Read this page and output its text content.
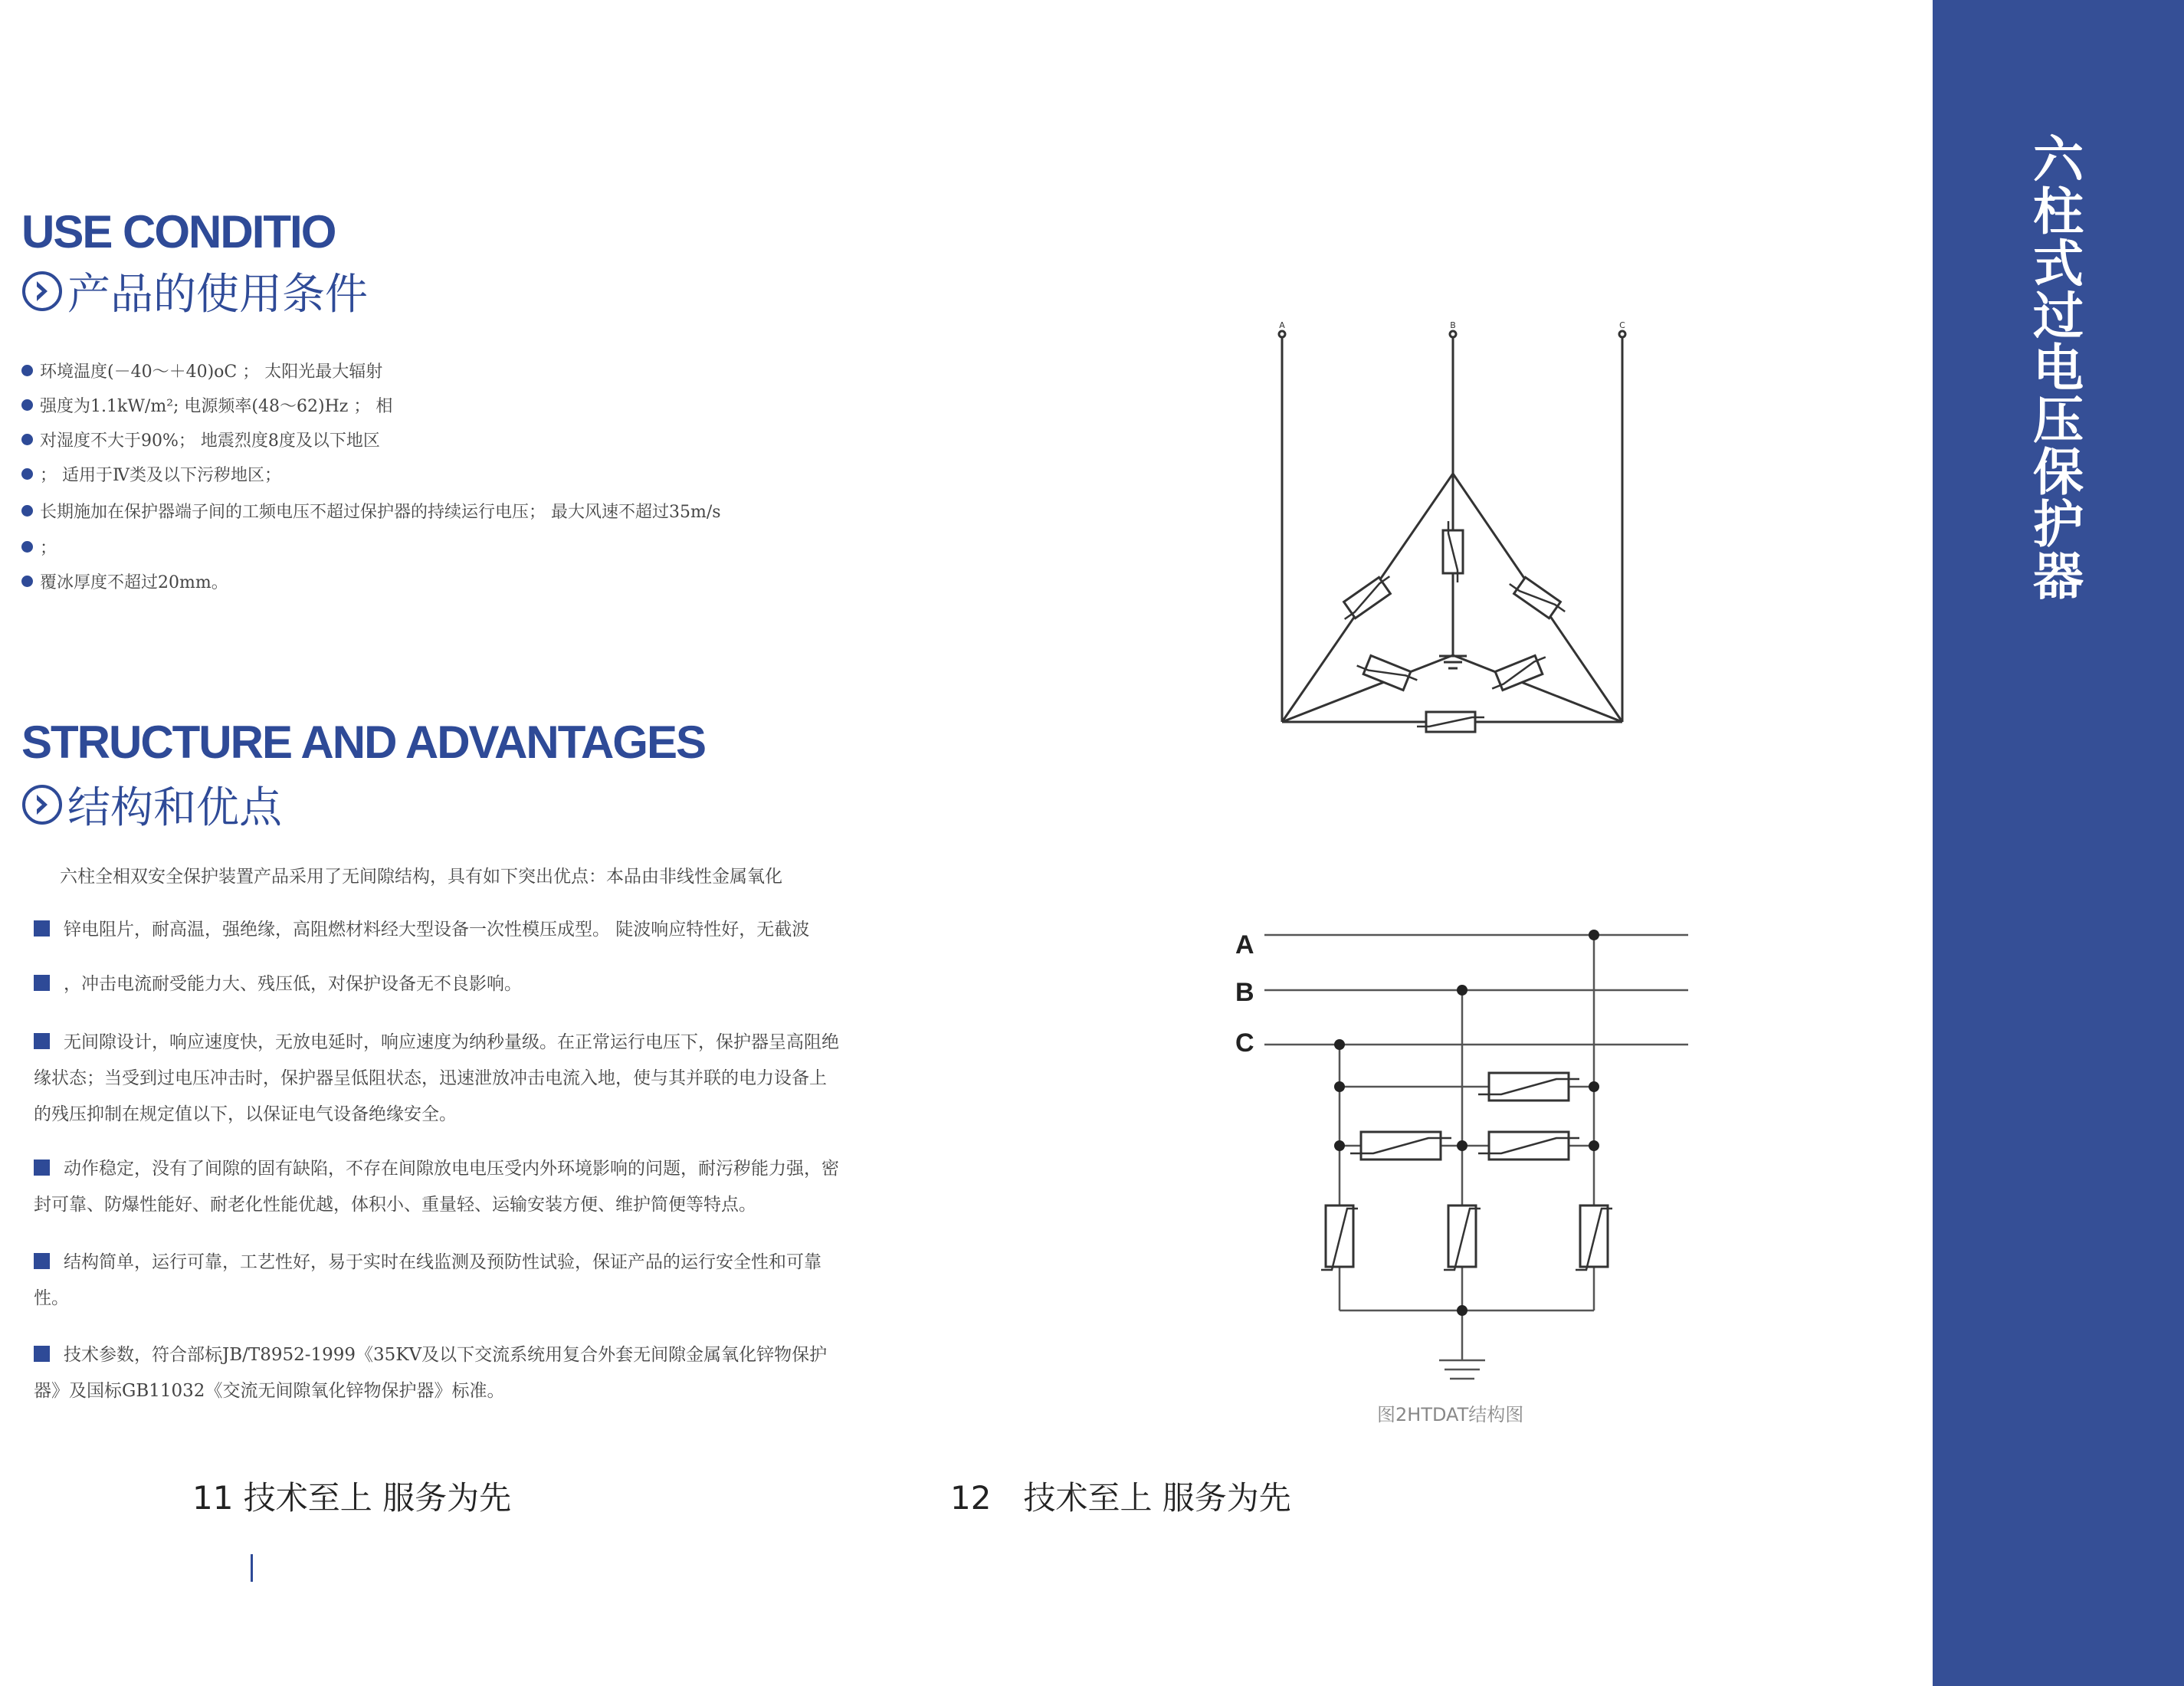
六
柱
式
过
电
压
保
护
器
USE CONDITIO
产品的使用条件
环境温度(－40～＋40)oC ； 太阳光最大辐射
强度为1.1kW/m²; 电源频率(48～62)Hz ； 相
对湿度不大于90%； 地震烈度8度及以下地区
； 适用于Ⅳ类及以下污秽地区；
长期施加在保护器端子间的工频电压不超过保护器的持续运行电压； 最大风速不超过35m/s
；
覆冰厚度不超过20mm。
STRUCTURE AND ADVANTAGES
结构和优点
六柱全相双安全保护装置产品采用了无间隙结构，具有如下突出优点：本品由非线性金属氧化
锌电阻片，耐高温，强绝缘，高阻燃材料经大型设备一次性模压成型。 陡波响应特性好，无截波
，冲击电流耐受能力大、残压低，对保护设备无不良影响。
无间隙设计，响应速度快，无放电延时，响应速度为纳秒量级。在正常运行电压下，保护器呈高阻绝缘状态；当受到过电压冲击时，保护器呈低阻状态，迅速泄放冲击电流入地，使与其并联的电力设备上的残压抑制在规定值以下，以保证电气设备绝缘安全。
动作稳定，没有了间隙的固有缺陷，不存在间隙放电电压受内外环境影响的问题，耐污秽能力强，密封可靠、防爆性能好、耐老化性能优越，体积小、重量轻、运输安装方便、维护简便等特点。
结构简单，运行可靠，工艺性好，易于实时在线监测及预防性试验，保证产品的运行安全性和可靠性。
技术参数，符合部标JB/T8952-1999《35KV及以下交流系统用复合外套无间隙金属氧化锌物保护器》及国标GB11032《交流无间隙氧化锌物保护器》标准。
A	B	C
A
B
C
图2HTDAT结构图
11 技术至上 服务为先	12　技术至上 服务为先
